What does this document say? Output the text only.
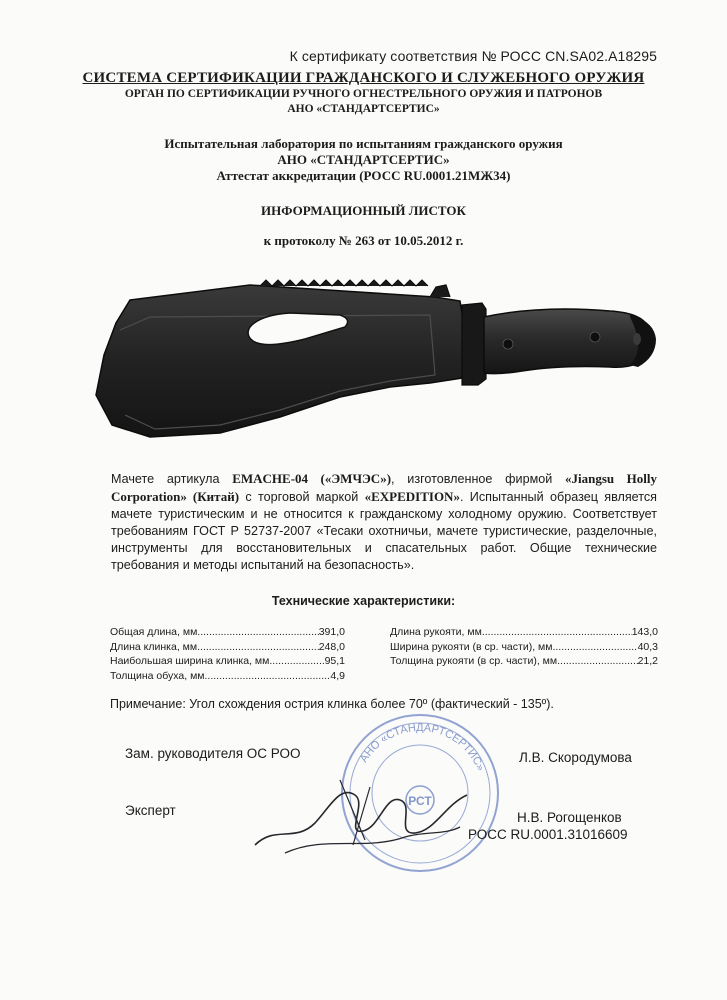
К сертификату соответствия № РОСС CN.SA02.A18295
СИСТЕМА СЕРТИФИКАЦИИ ГРАЖДАНСКОГО И СЛУЖЕБНОГО ОРУЖИЯ
ОРГАН ПО СЕРТИФИКАЦИИ РУЧНОГО ОГНЕСТРЕЛЬНОГО ОРУЖИЯ И ПАТРОНОВ
АНО «СТАНДАРТСЕРТИС»
Испытательная лаборатория по испытаниям гражданского оружия
АНО «СТАНДАРТСЕРТИС»
Аттестат аккредитации (РОСС RU.0001.21МЖ34)
ИНФОРМАЦИОННЫЙ ЛИСТОК
к протоколу № 263 от 10.05.2012 г.
Мачете артикула EMACHE-04 («ЭМЧЭС»), изготовленное фирмой «Jiangsu Holly Corporation» (Китай) с торговой маркой «EXPEDITION». Испытанный образец является мачете туристическим и не относится к гражданскому холодному оружию. Соответствует требованиям ГОСТ Р 52737-2007 «Тесаки охотничьи, мачете туристические, разделочные, инструменты для восстановительных и спасательных работ. Общие технические требования и методы испытаний на безопасность».
Технические характеристики:
Общая длина, мм .....	391,0
Длина клинка, мм .....	248,0
Наибольшая ширина клинка, мм .....	95,1
Толщина обуха, мм .....	4,9
Длина рукояти, мм .....	143,0
Ширина рукояти (в ср. части), мм .....	40,3
Толщина рукояти (в ср. части), мм .....	21,2
Примечание: Угол схождения острия клинка более 70º (фактический - 135º).
АНО «СТАНДАРТСЕРТИС»
РСТ
Зам. руководителя ОС РОО	Л.В. Скородумова
Эксперт	Н.В. Рогощенков
РОСС RU.0001.31016609
